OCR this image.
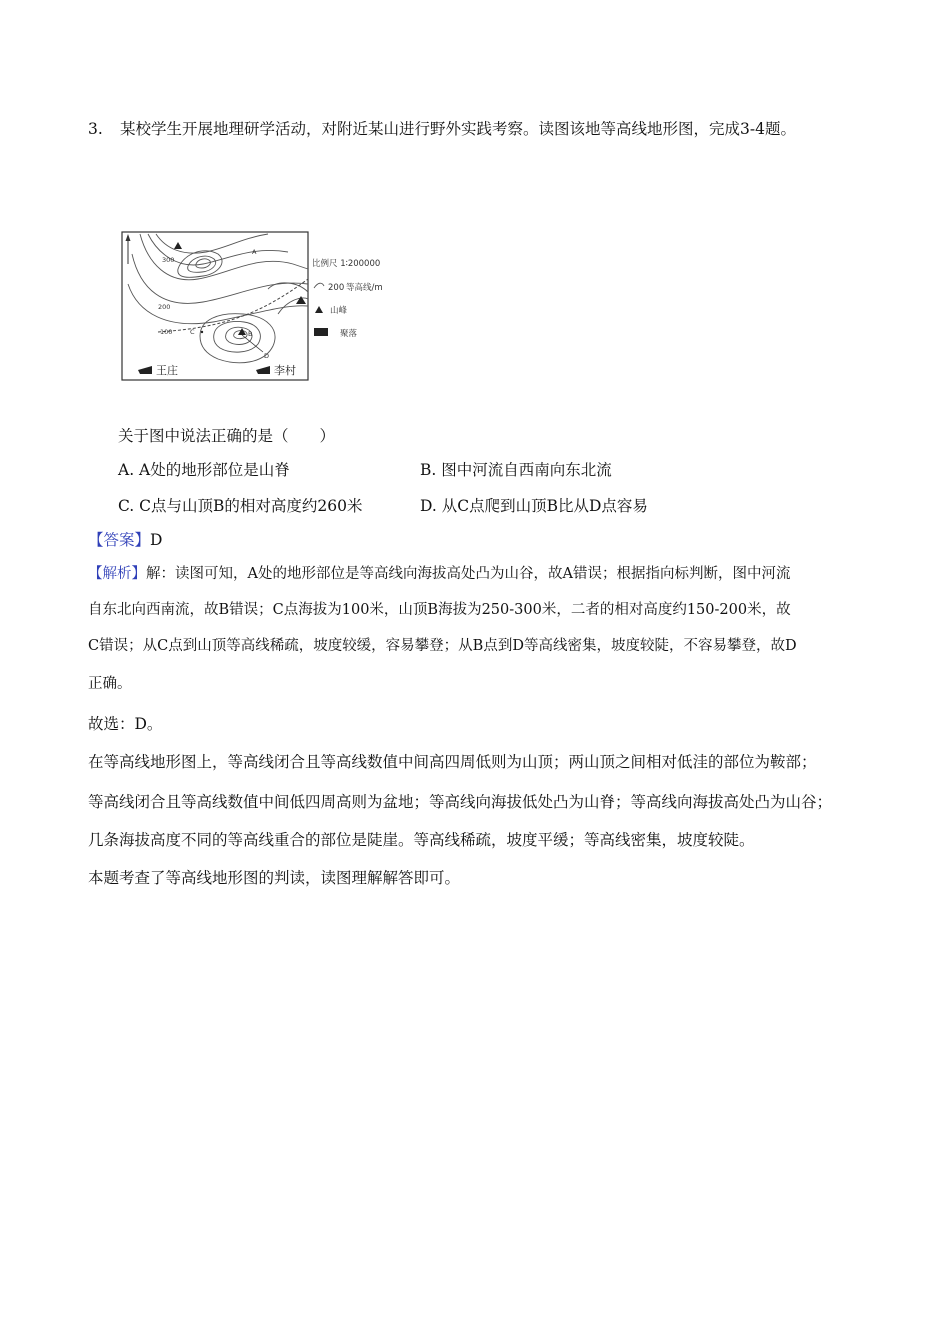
3. 某校学生开展地理研学活动，对附近某山进行野外实践考察。读图该地等高线地形图，完成3-4题。
300
200
100
A
B
C
D
王庄	李村
比例尺 1∶200000
200 等高线/m
山峰
聚落
关于图中说法正确的是（　　）
A. A处的地形部位是山脊	B. 图中河流自西南向东北流
C. C点与山顶B的相对高度约260米	D. 从C点爬到山顶B比从D点容易
【答案】D
【解析】解：读图可知，A处的地形部位是等高线向海拔高处凸为山谷，故A错误；根据指向标判断，图中河流
自东北向西南流，故B错误；C点海拔为100米，山顶B海拔为250-300米，二者的相对高度约150-200米，故
C错误；从C点到山顶等高线稀疏，坡度较缓，容易攀登；从B点到D等高线密集，坡度较陡，不容易攀登，故D
正确。
故选：D。
在等高线地形图上，等高线闭合且等高线数值中间高四周低则为山顶；两山顶之间相对低洼的部位为鞍部；
等高线闭合且等高线数值中间低四周高则为盆地；等高线向海拔低处凸为山脊；等高线向海拔高处凸为山谷；
几条海拔高度不同的等高线重合的部位是陡崖。等高线稀疏，坡度平缓；等高线密集，坡度较陡。
本题考查了等高线地形图的判读，读图理解解答即可。
